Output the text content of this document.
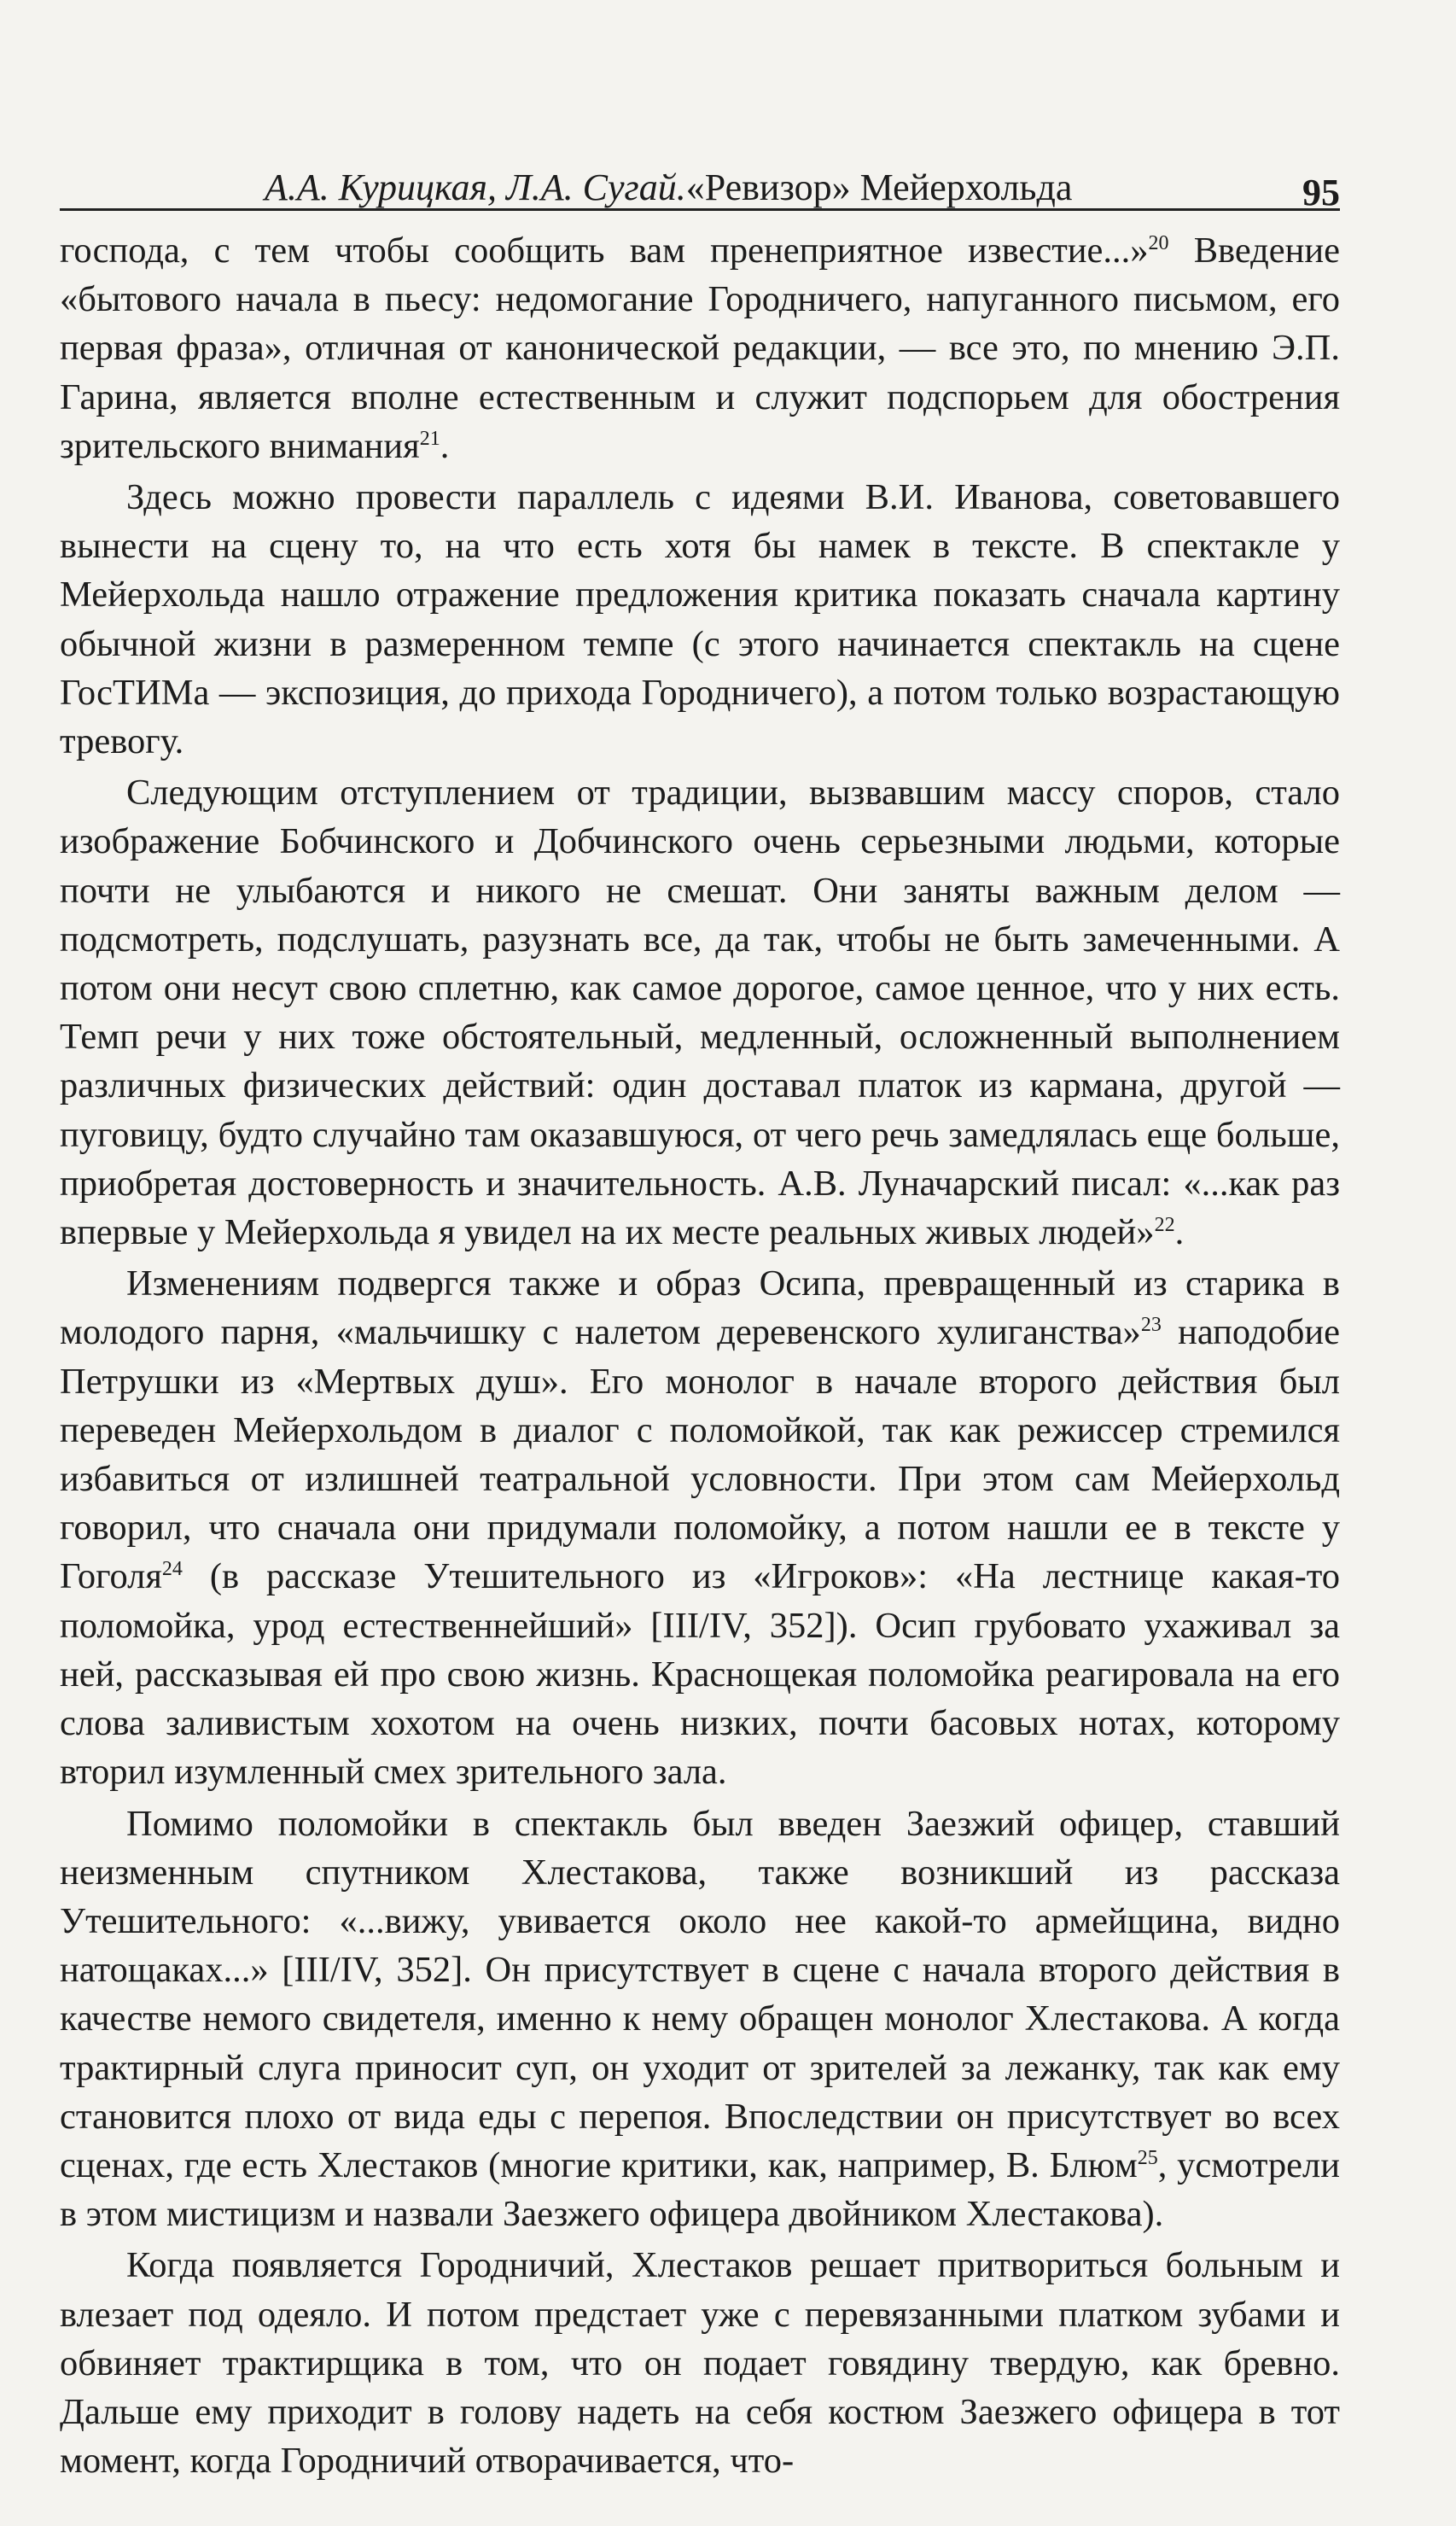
А.А. Курицкая, Л.А. Сугай.«Ревизор» Мейерхольда	95

господа, с тем чтобы сообщить вам пренеприятное известие...»$^{20}$ Введение «бытового начала в пьесу: недомогание Городничего, напуганного письмом, его первая фраза», отличная от канонической редакции, — все это, по мнению Э.П. Гарина, является вполне естественным и служит подспорьем для обострения зрительского внимания$^{21}$.

Здесь можно провести параллель с идеями В.И. Иванова, советовавшего вынести на сцену то, на что есть хотя бы намек в тексте. В спектакле у Мейерхольда нашло отражение предложения критика показать сначала картину обычной жизни в размеренном темпе (с этого начинается спектакль на сцене ГосТИМа — экспозиция, до прихода Городничего), а потом только возрастающую тревогу.

Следующим отступлением от традиции, вызвавшим массу споров, стало изображение Бобчинского и Добчинского очень серьезными людьми, которые почти не улыбаются и никого не смешат. Они заняты важным делом — подсмотреть, подслушать, разузнать все, да так, чтобы не быть замеченными. А потом они несут свою сплетню, как самое дорогое, самое ценное, что у них есть. Темп речи у них тоже обстоятельный, медленный, осложненный выполнением различных физических действий: один доставал платок из кармана, другой — пуговицу, будто случайно там оказавшуюся, от чего речь замедлялась еще больше, приобретая достоверность и значительность. А.В. Луначарский писал: «...как раз впервые у Мейерхольда я увидел на их месте реальных живых людей»$^{22}$.

Изменениям подвергся также и образ Осипа, превращенный из старика в молодого парня, «мальчишку с налетом деревенского хулиганства»$^{23}$ наподобие Петрушки из «Мертвых душ». Его монолог в начале второго действия был переведен Мейерхольдом в диалог с поломойкой, так как режиссер стремился избавиться от излишней театральной условности. При этом сам Мейерхольд говорил, что сначала они придумали поломойку, а потом нашли ее в тексте у Гоголя$^{24}$ (в рассказе Утешительного из «Игроков»: «На лестнице какая-то поломойка, урод естественнейший» [III/IV, 352]). Осип грубовато ухаживал за ней, рассказывая ей про свою жизнь. Краснощекая поломойка реагировала на его слова заливистым хохотом на очень низких, почти басовых нотах, которому вторил изумленный смех зрительного зала.

Помимо поломойки в спектакль был введен Заезжий офицер, ставший неизменным спутником Хлестакова, также возникший из рассказа Утешительного: «...вижу, увивается около нее какой-то армейщина, видно натощаках...» [III/IV, 352]. Он присутствует в сцене с начала второго действия в качестве немого свидетеля, именно к нему обращен монолог Хлестакова. А когда трактирный слуга приносит суп, он уходит от зрителей за лежанку, так как ему становится плохо от вида еды с перепоя. Впоследствии он присутствует во всех сценах, где есть Хлестаков (многие критики, как, например, В. Блюм$^{25}$, усмотрели в этом мистицизм и назвали Заезжего офицера двойником Хлестакова).

Когда появляется Городничий, Хлестаков решает притвориться больным и влезает под одеяло. И потом предстает уже с перевязанными платком зубами и обвиняет трактирщика в том, что он подает говядину твердую, как бревно. Дальше ему приходит в голову надеть на себя костюм Заезжего офицера в тот момент, когда Городничий отворачивается, что-
